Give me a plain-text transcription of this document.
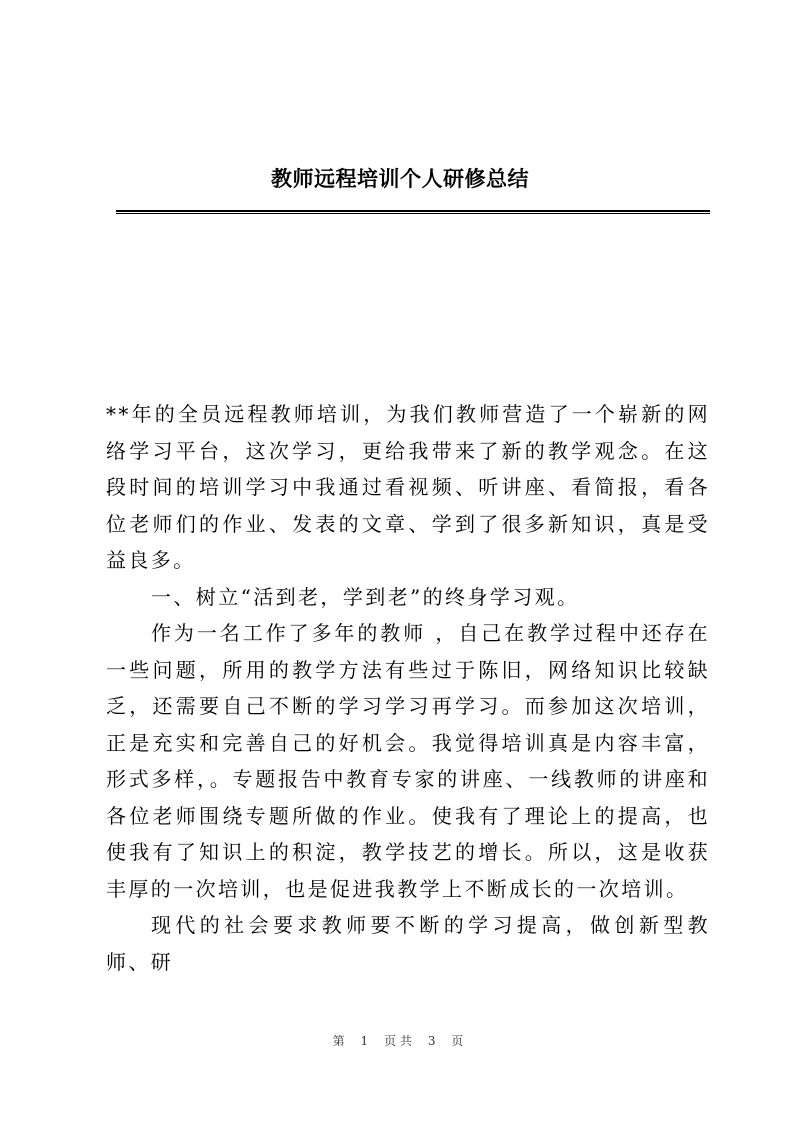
教师远程培训个人研修总结

**年的全员远程教师培训，为我们教师营造了一个崭新的网络学习平台，这次学习，更给我带来了新的教学观念。在这段时间的培训学习中我通过看视频、听讲座、看简报，看各位老师们的作业、发表的文章、学到了很多新知识，真是受益良多。

一、树立“活到老，学到老”的终身学习观。

作为一名工作了多年的教师 ，自己在教学过程中还存在一些问题，所用的教学方法有些过于陈旧，网络知识比较缺乏，还需要自己不断的学习学习再学习。而参加这次培训，正是充实和完善自己的好机会。我觉得培训真是内容丰富，形式多样，。专题报告中教育专家的讲座、一线教师的讲座和各位老师围绕专题所做的作业。使我有了理论上的提高，也使我有了知识上的积淀，教学技艺的增长。所以，这是收获丰厚的一次培训，也是促进我教学上不断成长的一次培训。

现代的社会要求教师要不断的学习提高，做创新型教师、研

第 1 页共 3 页
